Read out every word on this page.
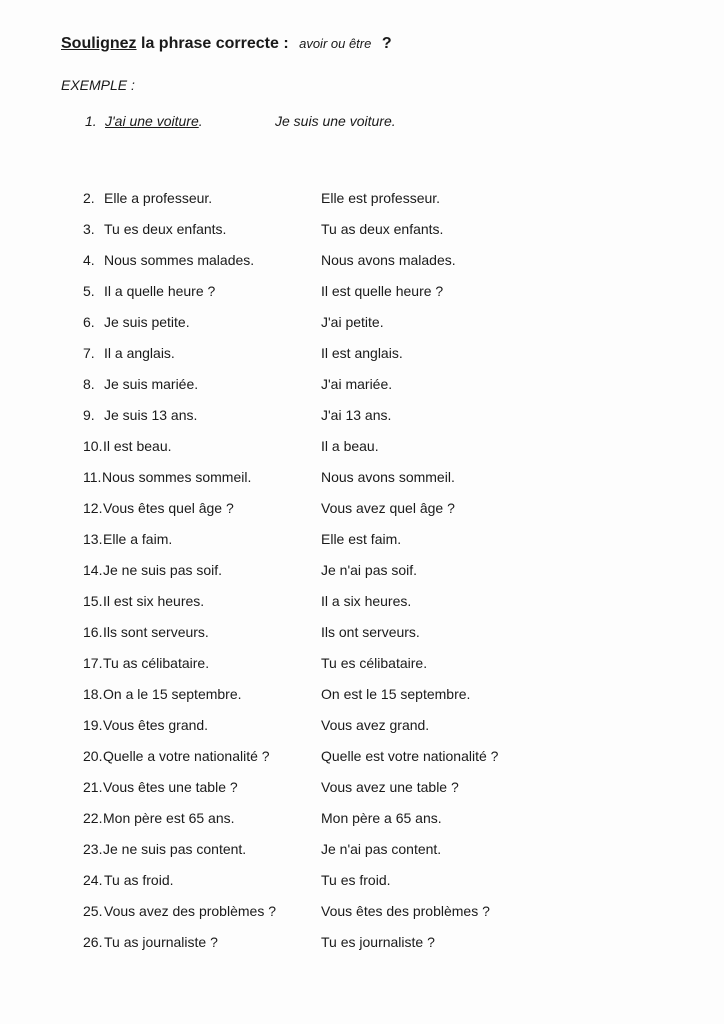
Soulignez la phrase correcte : avoir ou être ?
EXEMPLE :
1. J'ai une voiture.	Je suis une voiture.
2. Elle a professeur.	Elle est professeur.
3. Tu es deux enfants.	Tu as deux enfants.
4. Nous sommes malades.	Nous avons malades.
5. Il a quelle heure ?	Il est quelle heure ?
6. Je suis petite.	J'ai petite.
7. Il a anglais.	Il est anglais.
8. Je suis mariée.	J'ai mariée.
9. Je suis 13 ans.	J'ai 13 ans.
10. Il est beau.	Il a beau.
11. Nous sommes sommeil.	Nous avons sommeil.
12. Vous êtes quel âge ?	Vous avez quel âge ?
13. Elle a faim.	Elle est faim.
14. Je ne suis pas soif.	Je n'ai pas soif.
15. Il est six heures.	Il a six heures.
16. Ils sont serveurs.	Ils ont serveurs.
17. Tu as célibataire.	Tu es célibataire.
18. On a le 15 septembre.	On est le 15 septembre.
19. Vous êtes grand.	Vous avez grand.
20. Quelle a votre nationalité ?	Quelle est votre nationalité ?
21. Vous êtes une table ?	Vous avez une table ?
22. Mon père est 65 ans.	Mon père a 65 ans.
23. Je ne suis pas content.	Je n'ai pas content.
24. Tu as froid.	Tu es froid.
25. Vous avez des problèmes ?	Vous êtes des problèmes ?
26. Tu as journaliste ?	Tu es journaliste ?
